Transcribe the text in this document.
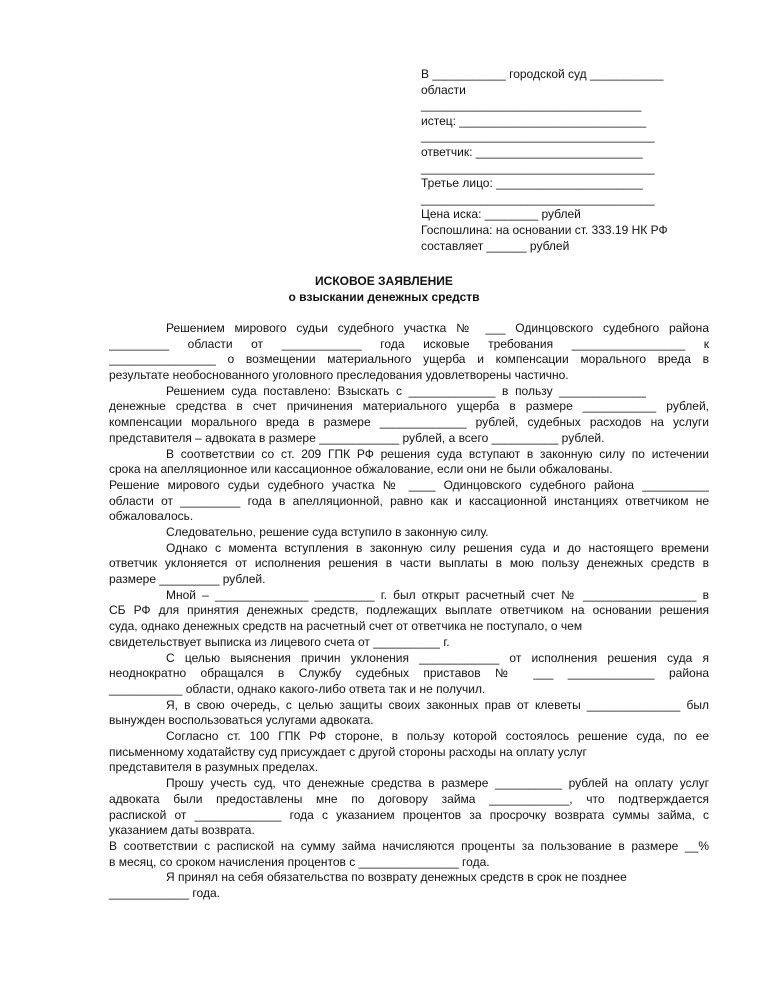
В ___________ городской суд ___________
области
_________________________________
истец: ____________________________
___________________________________
ответчик: _________________________
___________________________________
Третье лицо: ______________________
___________________________________
Цена иска: ________ рублей
Госпошлина: на основании ст. 333.19 НК РФ
составляет ______ рублей
ИСКОВОЕ ЗАЯВЛЕНИЕ
о взыскании денежных средств
Решением мирового судьи судебного участка № ___ Одинцовского судебного района
_________ области от ____________ года исковые требования _________________ к
________________ о возмещении материального ущерба и компенсации морального вреда в
результате необоснованного уголовного преследования удовлетворены частично.
Решением суда поставлено: Взыскать с _____________ в пользу _____________
денежные средства в счет причинения материального ущерба в размере ___________ рублей,
компенсации морального вреда в размере _____________ рублей, судебных расходов на услуги
представителя – адвоката в размере ____________ рублей, а всего __________ рублей.
В соответствии со ст. 209 ГПК РФ решения суда вступают в законную силу по истечении
срока на апелляционное или кассационное обжалование, если они не были обжалованы.
Решение мирового судьи судебного участка № ____ Одинцовского судебного района __________
области от _________ года в апелляционной, равно как и кассационной инстанциях ответчиком не
обжаловалось.
Следовательно, решение суда вступило в законную силу.
Однако с момента вступления в законную силу решения суда и до настоящего времени
ответчик уклоняется от исполнения решения в части выплаты в мою пользу денежных средств в
размере _________ рублей.
Мной – ______________ _________ г. был открыт расчетный счет № _________________ в
СБ РФ для принятия денежных средств, подлежащих выплате ответчиком на основании решения
суда, однако денежных средств на расчетный счет от ответчика не поступало, о чем
свидетельствует выписка из лицевого счета от __________ г.
С целью выяснения причин уклонения ____________ от исполнения решения суда я
неоднократно обращался в Службу судебных приставов № ___ _____________ района
___________ области, однако какого-либо ответа так и не получил.
Я, в свою очередь, с целью защиты своих законных прав от клеветы ______________ был
вынужден воспользоваться услугами адвоката.
Согласно ст. 100 ГПК РФ стороне, в пользу которой состоялось решение суда, по ее
письменному ходатайству суд присуждает с другой стороны расходы на оплату услуг
представителя в разумных пределах.
Прошу учесть суд, что денежные средства в размере __________ рублей на оплату услуг
адвоката были предоставлены мне по договору займа ____________, что подтверждается
распиской от _____________ года с указанием процентов за просрочку возврата суммы займа, с
указанием даты возврата.
В соответствии с распиской на сумму займа начисляются проценты за пользование в размере __%
в месяц, со сроком начисления процентов с _______________ года.
Я принял на себя обязательства по возврату денежных средств в срок не позднее
____________ года.
